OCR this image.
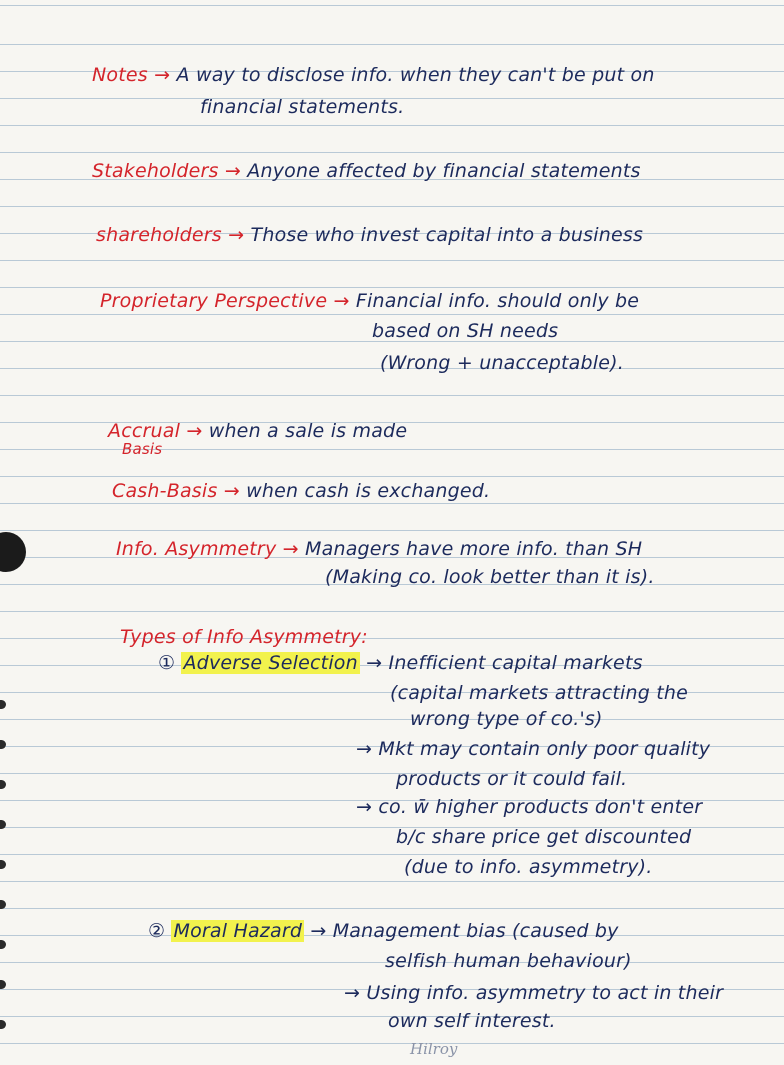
Notes → A way to disclose info. when they can't be put on
financial statements.
Stakeholders → Anyone affected by financial statements
shareholders → Those who invest capital into a business
Proprietary Perspective → Financial info. should only be
based on SH needs
(Wrong + unacceptable).
Accrual → when a sale is made
Basis
Cash-Basis → when cash is exchanged.
Info. Asymmetry → Managers have more info. than SH
(Making co. look better than it is).
Types of Info Asymmetry:
① Adverse Selection → Inefficient capital markets
(capital markets attracting the
wrong type of co.'s)
→ Mkt may contain only poor quality
products or it could fail.
→ co. w̄ higher products don't enter
b/c share price get discounted
(due to info. asymmetry).
② Moral Hazard → Management bias (caused by
selfish human behaviour)
→ Using info. asymmetry to act in their
own self interest.
Hilroy
